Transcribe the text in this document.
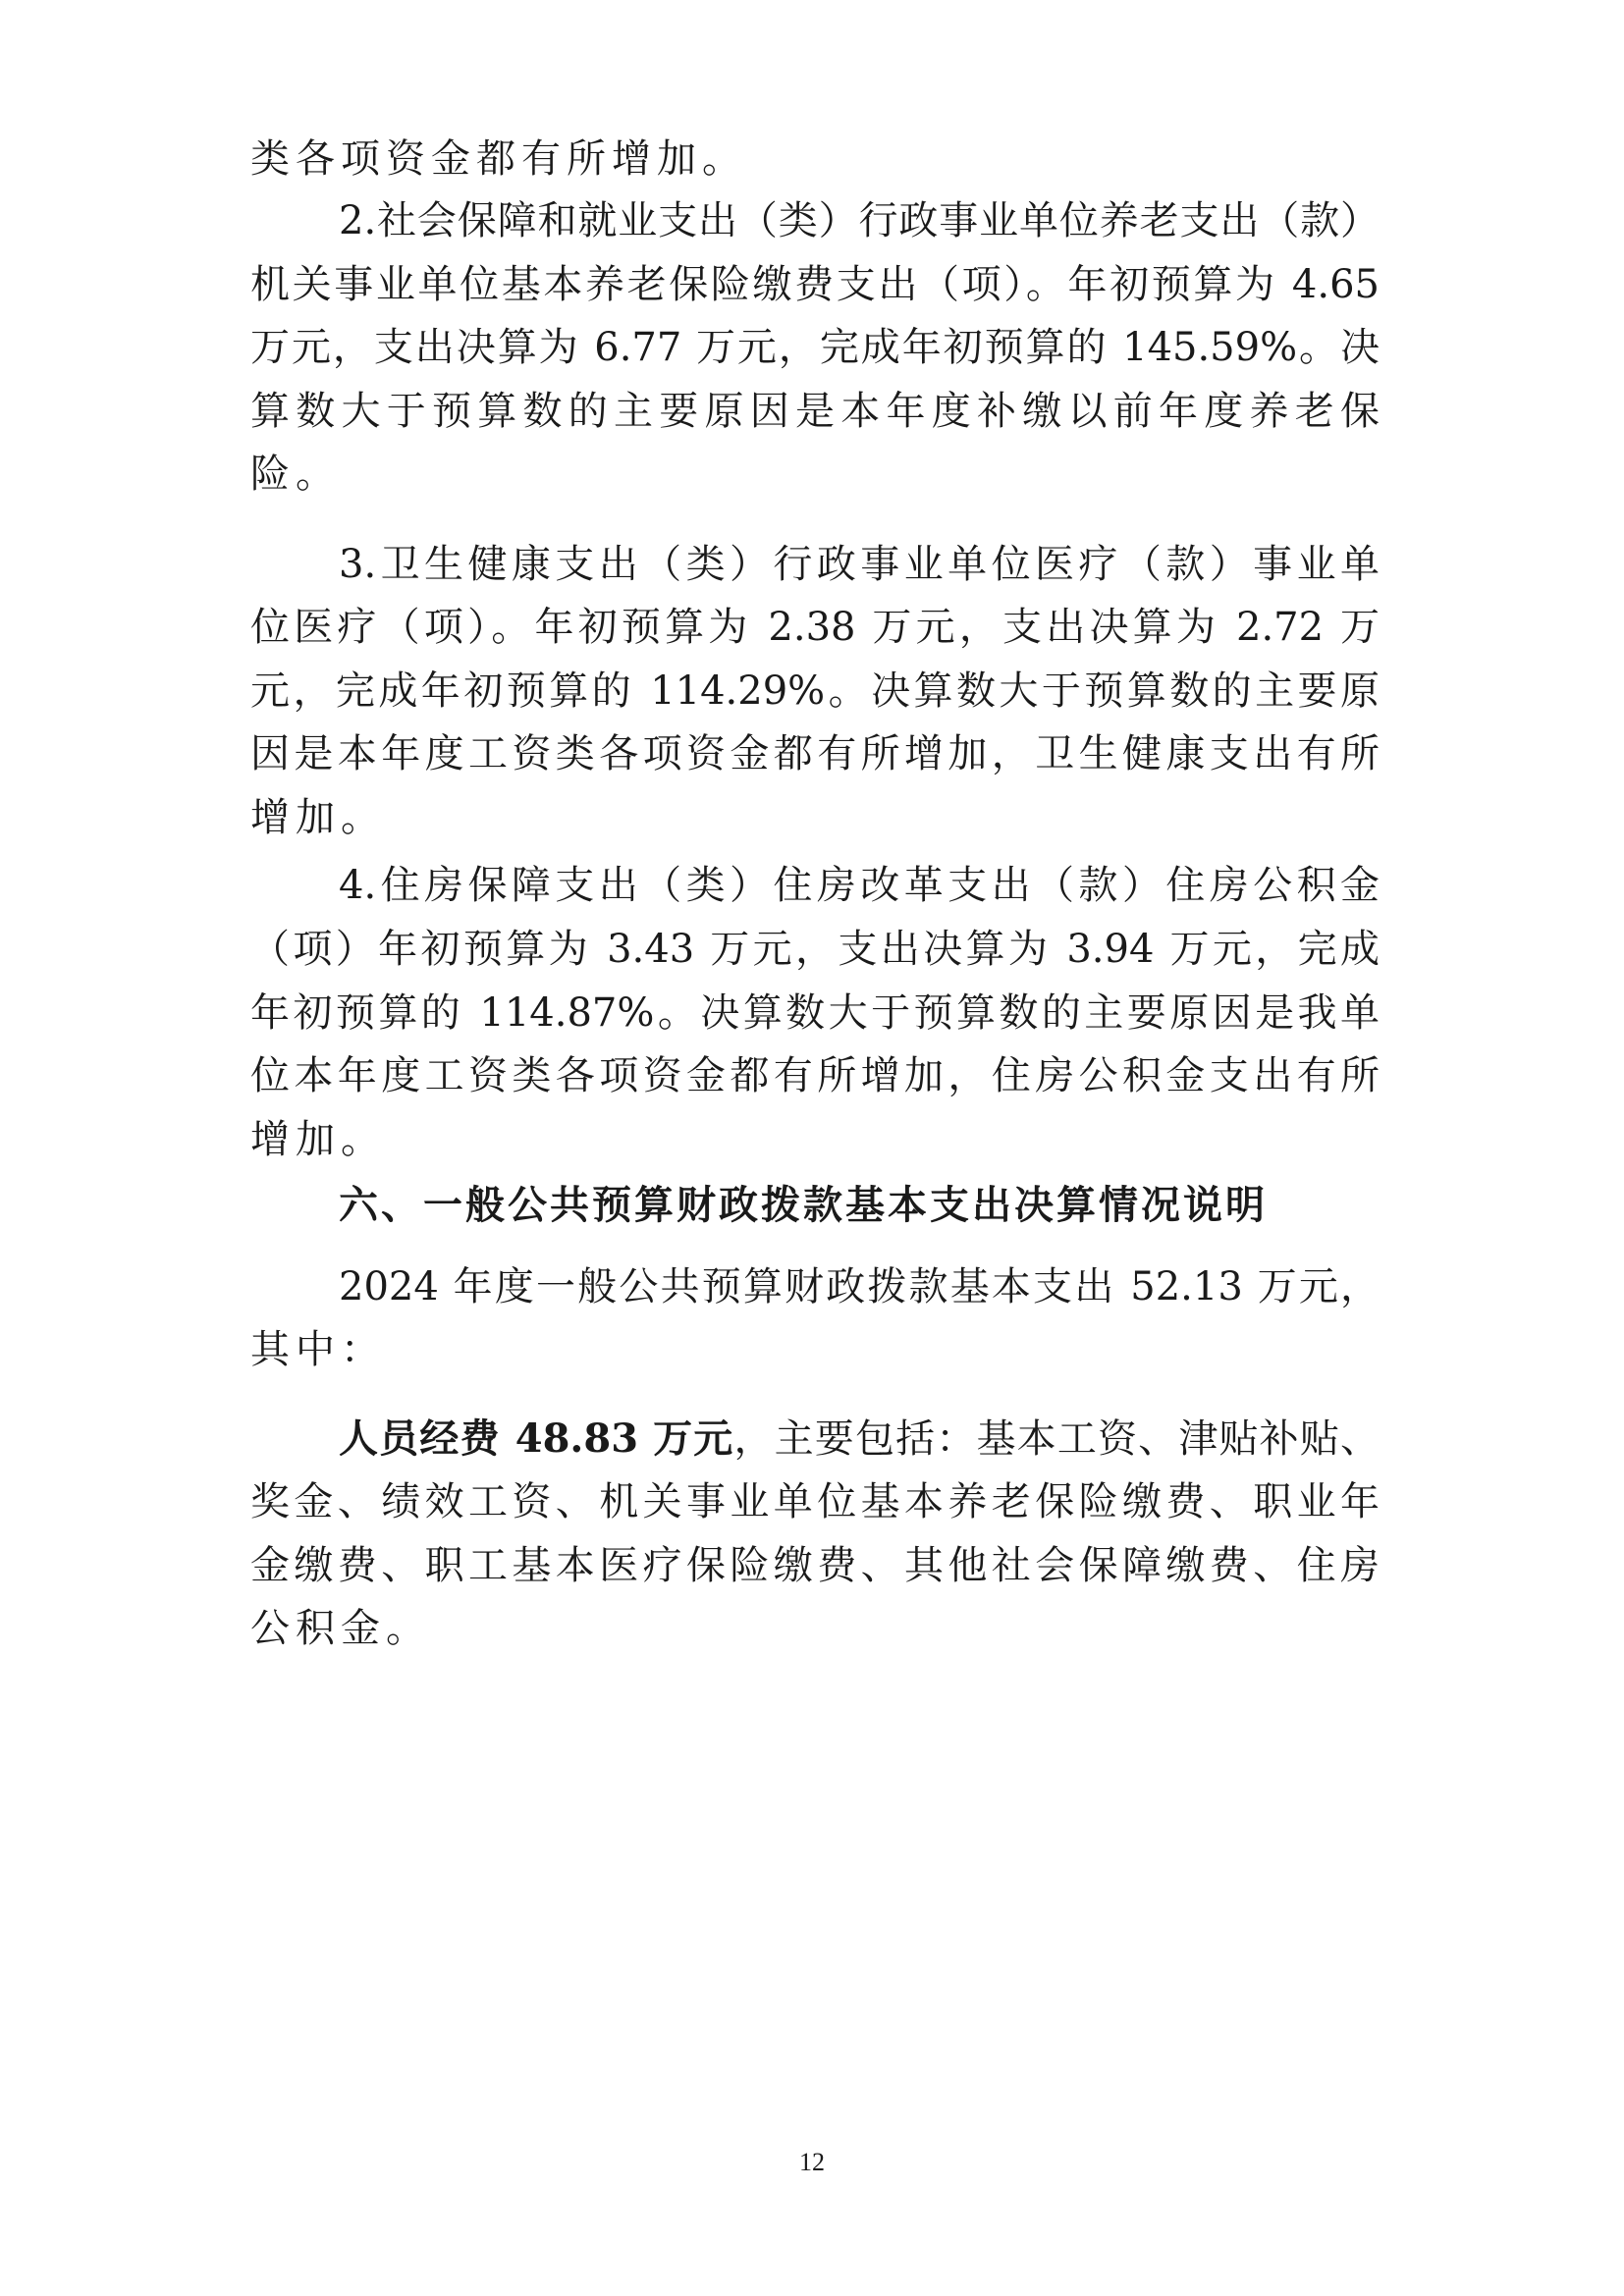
类各项资金都有所增加。
2.社会保障和就业支出（类）行政事业单位养老支出（款）
机关事业单位基本养老保险缴费支出（项）。年初预算为 4.65
万元，支出决算为 6.77 万元，完成年初预算的 145.59%。决
算数大于预算数的主要原因是本年度补缴以前年度养老保
险。
3.卫生健康支出（类）行政事业单位医疗（款）事业单
位医疗（项）。年初预算为 2.38 万元，支出决算为 2.72 万
元，完成年初预算的 114.29%。决算数大于预算数的主要原
因是本年度工资类各项资金都有所增加，卫生健康支出有所
增加。
4.住房保障支出（类）住房改革支出（款）住房公积金
（项）年初预算为 3.43 万元，支出决算为 3.94 万元，完成
年初预算的 114.87%。决算数大于预算数的主要原因是我单
位本年度工资类各项资金都有所增加，住房公积金支出有所
增加。
六、一般公共预算财政拨款基本支出决算情况说明
2024 年度一般公共预算财政拨款基本支出 52.13 万元，
其中：
人员经费 48.83 万元，主要包括：基本工资、津贴补贴、
奖金、绩效工资、机关事业单位基本养老保险缴费、职业年
金缴费、职工基本医疗保险缴费、其他社会保障缴费、住房
公积金。
12
